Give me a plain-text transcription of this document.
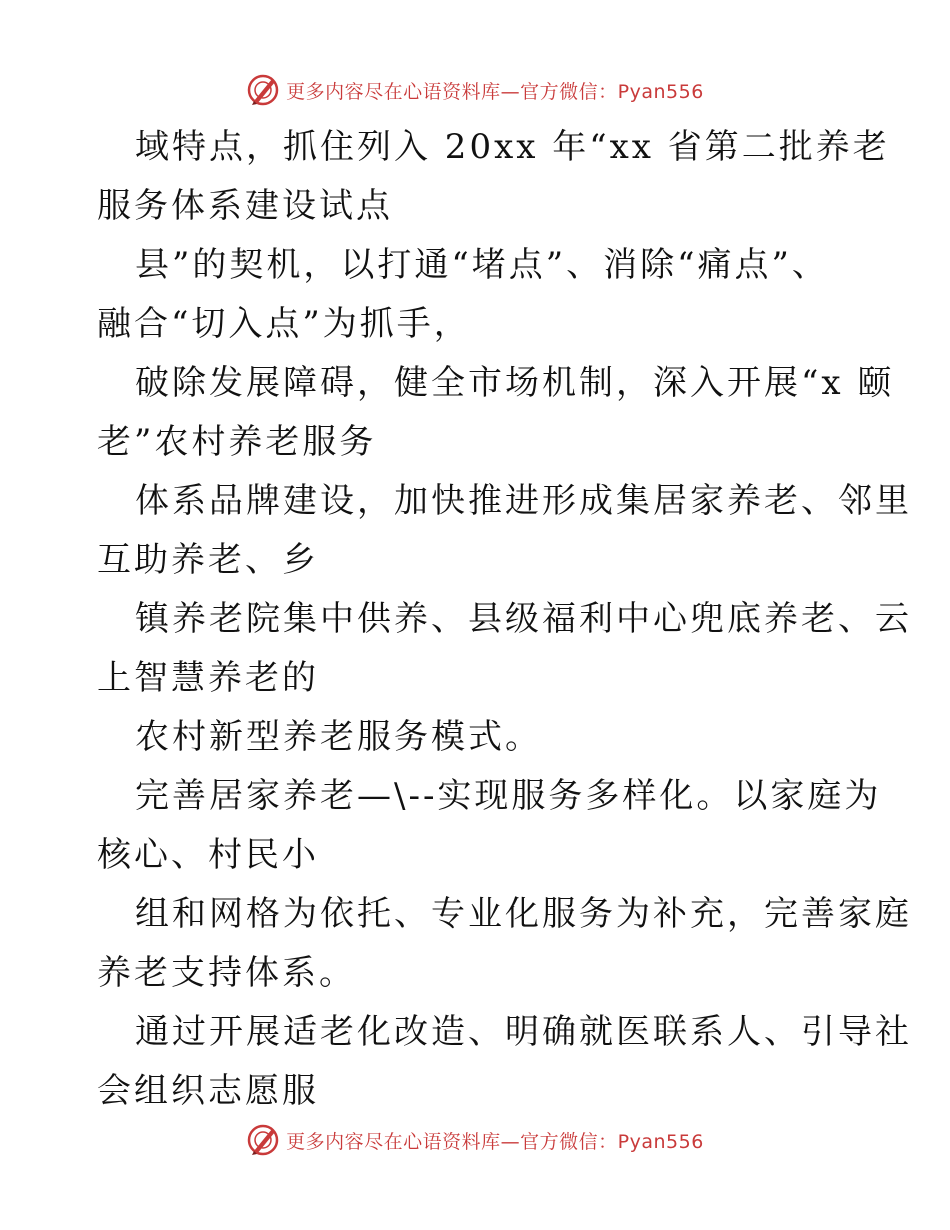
更多内容尽在心语资料库—官方微信：Pyan556
域特点，抓住列入 20xx 年“xx 省第二批养老
服务体系建设试点
县”的契机，以打通“堵点”、消除“痛点”、
融合“切入点”为抓手，
破除发展障碍，健全市场机制，深入开展“x 颐
老”农村养老服务
体系品牌建设，加快推进形成集居家养老、邻里
互助养老、乡
镇养老院集中供养、县级福利中心兜底养老、云
上智慧养老的
农村新型养老服务模式。
完善居家养老—\--实现服务多样化。以家庭为
核心、村民小
组和网格为依托、专业化服务为补充，完善家庭
养老支持体系。
通过开展适老化改造、明确就医联系人、引导社
会组织志愿服
更多内容尽在心语资料库—官方微信：Pyan556
